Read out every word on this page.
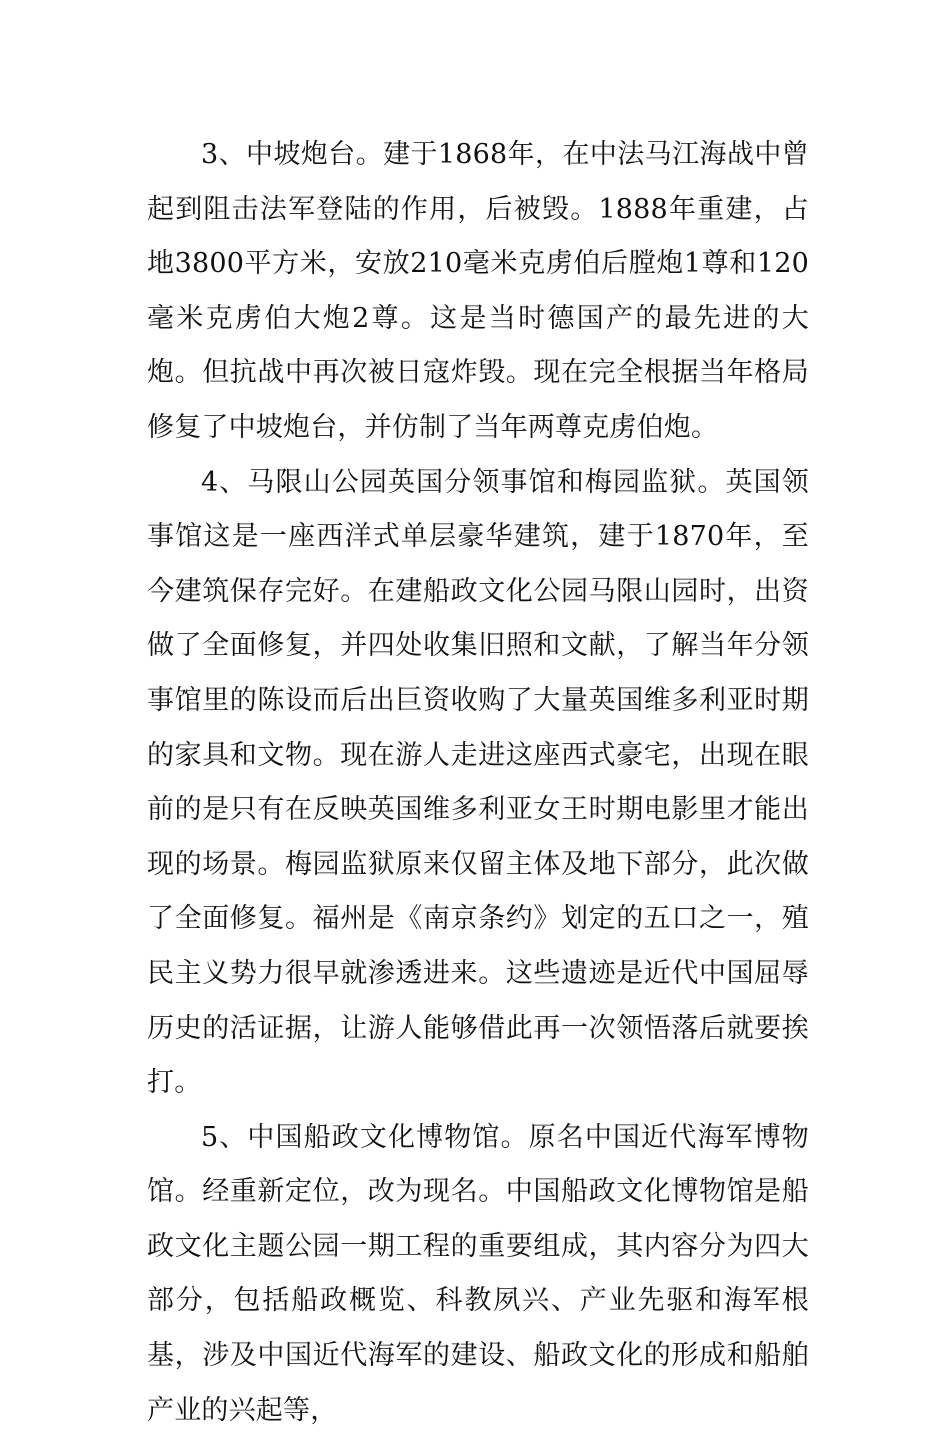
3、中坡炮台。建于1868年，在中法马江海战中曾起到阻击法军登陆的作用，后被毁。1888年重建，占地3800平方米，安放210毫米克虏伯后膛炮1尊和120毫米克虏伯大炮2尊。这是当时德国产的最先进的大炮。但抗战中再次被日寇炸毁。现在完全根据当年格局修复了中坡炮台，并仿制了当年两尊克虏伯炮。

4、马限山公园英国分领事馆和梅园监狱。英国领事馆这是一座西洋式单层豪华建筑，建于1870年，至今建筑保存完好。在建船政文化公园马限山园时，出资做了全面修复，并四处收集旧照和文献，了解当年分领事馆里的陈设而后出巨资收购了大量英国维多利亚时期的家具和文物。现在游人走进这座西式豪宅，出现在眼前的是只有在反映英国维多利亚女王时期电影里才能出现的场景。梅园监狱原来仅留主体及地下部分，此次做了全面修复。福州是《南京条约》划定的五口之一，殖民主义势力很早就渗透进来。这些遗迹是近代中国屈辱历史的活证据，让游人能够借此再一次领悟落后就要挨打。

5、中国船政文化博物馆。原名中国近代海军博物馆。经重新定位，改为现名。中国船政文化博物馆是船政文化主题公园一期工程的重要组成，其内容分为四大部分，包括船政概览、科教夙兴、产业先驱和海军根基，涉及中国近代海军的建设、船政文化的形成和船舶产业的兴起等，
